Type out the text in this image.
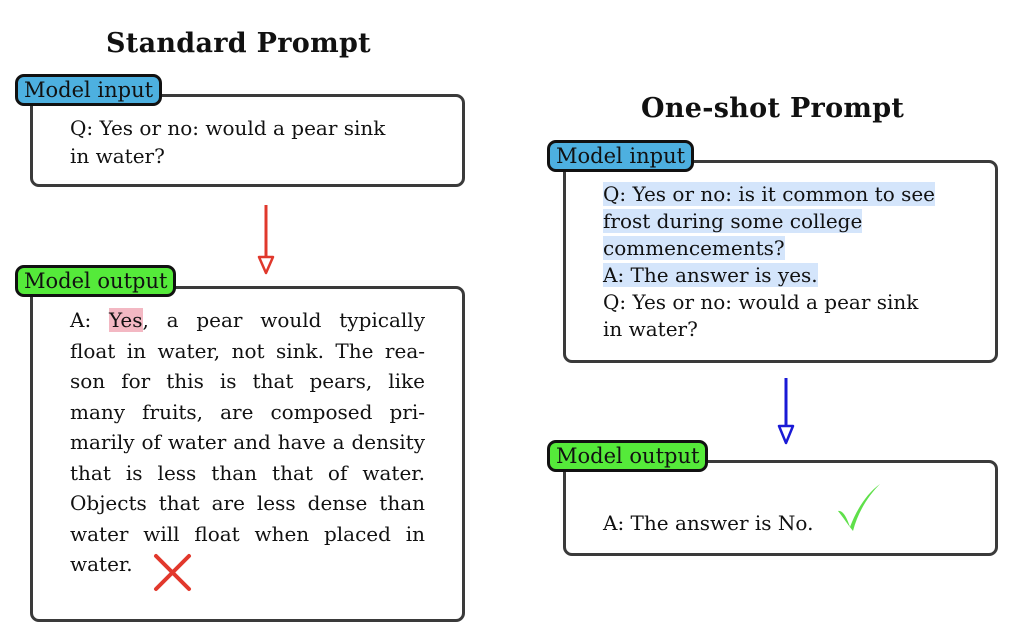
Standard Prompt
Model input
Q: Yes or no: would a pear sink
in water?
Model output
A: Yes, a pear would typically
float in water, not sink. The rea-
son for this is that pears, like
many fruits, are composed pri-
marily of water and have a density
that is less than that of water.
Objects that are less dense than
water will float when placed in
water.
One-shot Prompt
Model input
Q: Yes or no: is it common to see
frost during some college
commencements?
A: The answer is yes.
Q: Yes or no: would a pear sink
in water?
Model output
A: The answer is No.
